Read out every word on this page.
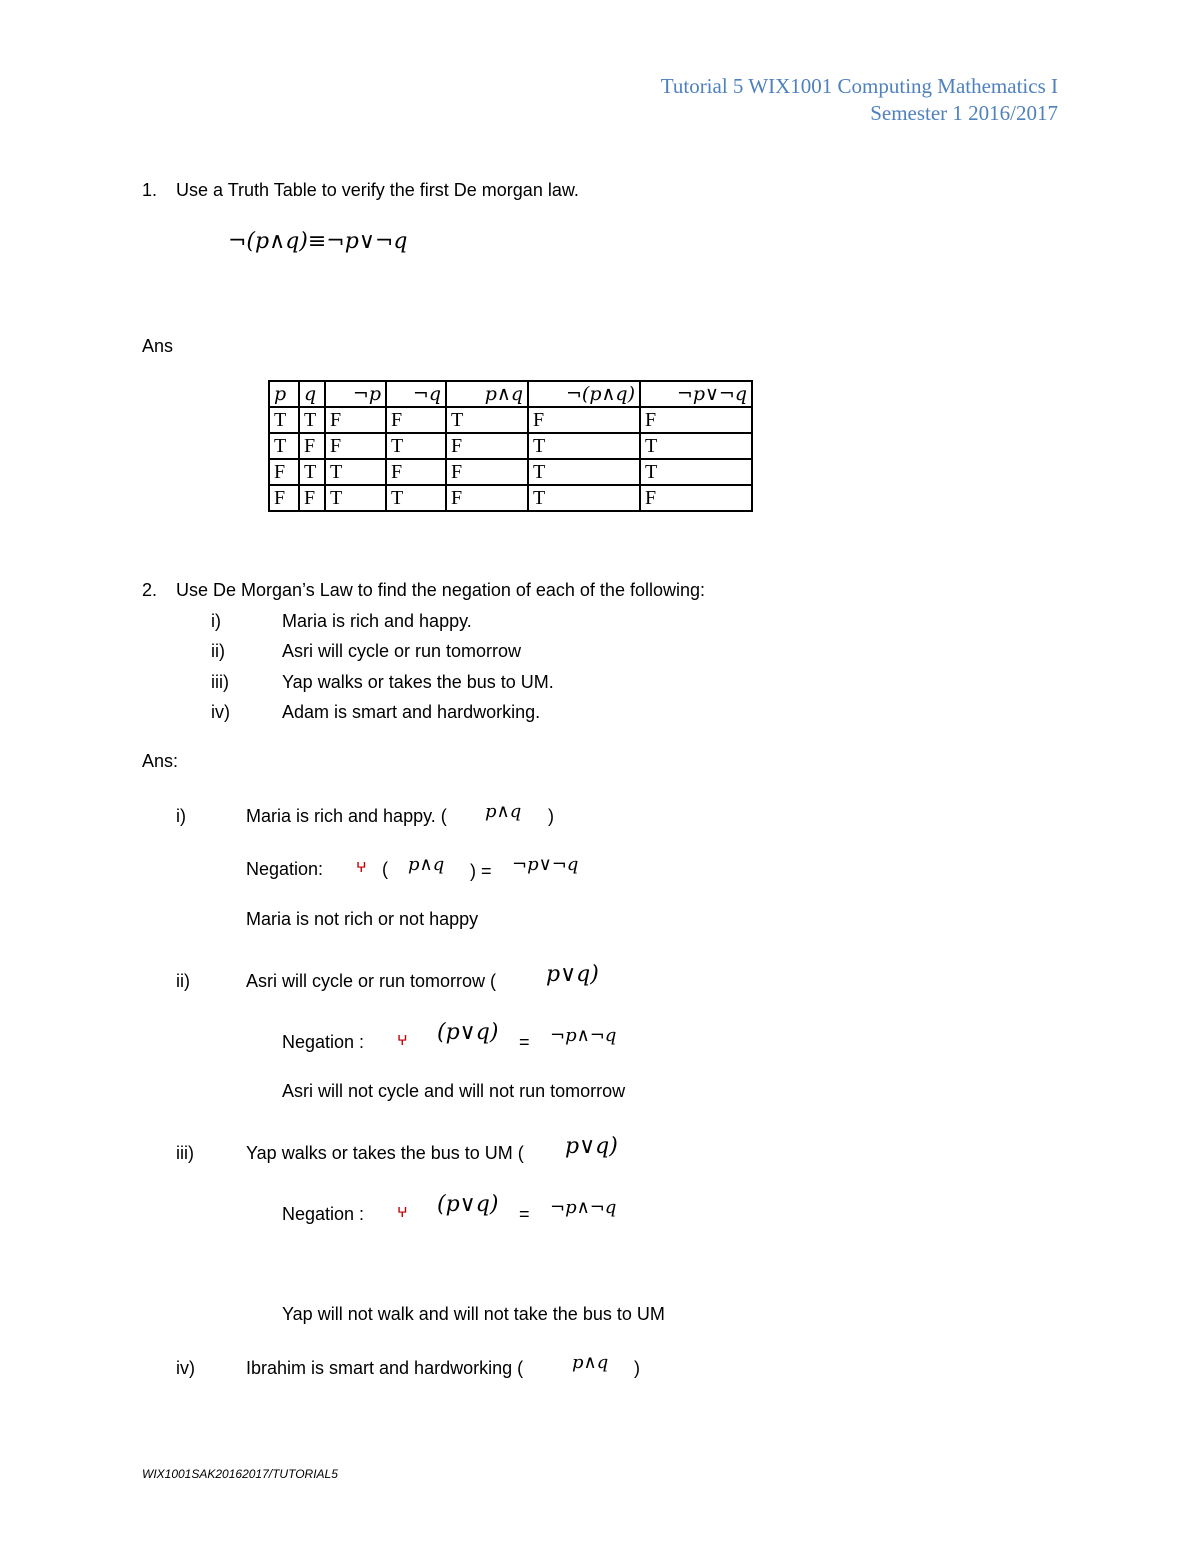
Tutorial 5 WIX1001 Computing Mathematics I
Semester 1 2016/2017
1. Use a Truth Table to verify the first De morgan law.
¬(p∧q)≡¬p∨¬q
Ans
p	q	¬p	¬q	p∧q	¬(p∧q)	¬p∨¬q
T	T	F	F	T	F	F
T	F	F	T	F	T	T
F	T	T	F	F	T	T
F	F	T	T	F	T	F
2. Use De Morgan’s Law to find the negation of each of the following:
i)	Maria is rich and happy.
ii)	Asri will cycle or run tomorrow
iii)	Yap walks or takes the bus to UM.
iv)	Adam is smart and hardworking.
Ans:
i)	Maria is rich and happy. ( p∧q )
Negation: ⵖ ( p∧q ) = ¬p∨¬q
Maria is not rich or not happy
ii)	Asri will cycle or run tomorrow ( p∨q)
Negation : ⵖ (p∨q) = ¬p∧¬q
Asri will not cycle and will not run tomorrow
iii)	Yap walks or takes the bus to UM ( p∨q)
Negation : ⵖ (p∨q) = ¬p∧¬q
Yap will not walk and will not take the bus to UM
iv)	Ibrahim is smart and hardworking (	p∧q )
WIX1001SAK20162017/TUTORIAL5
